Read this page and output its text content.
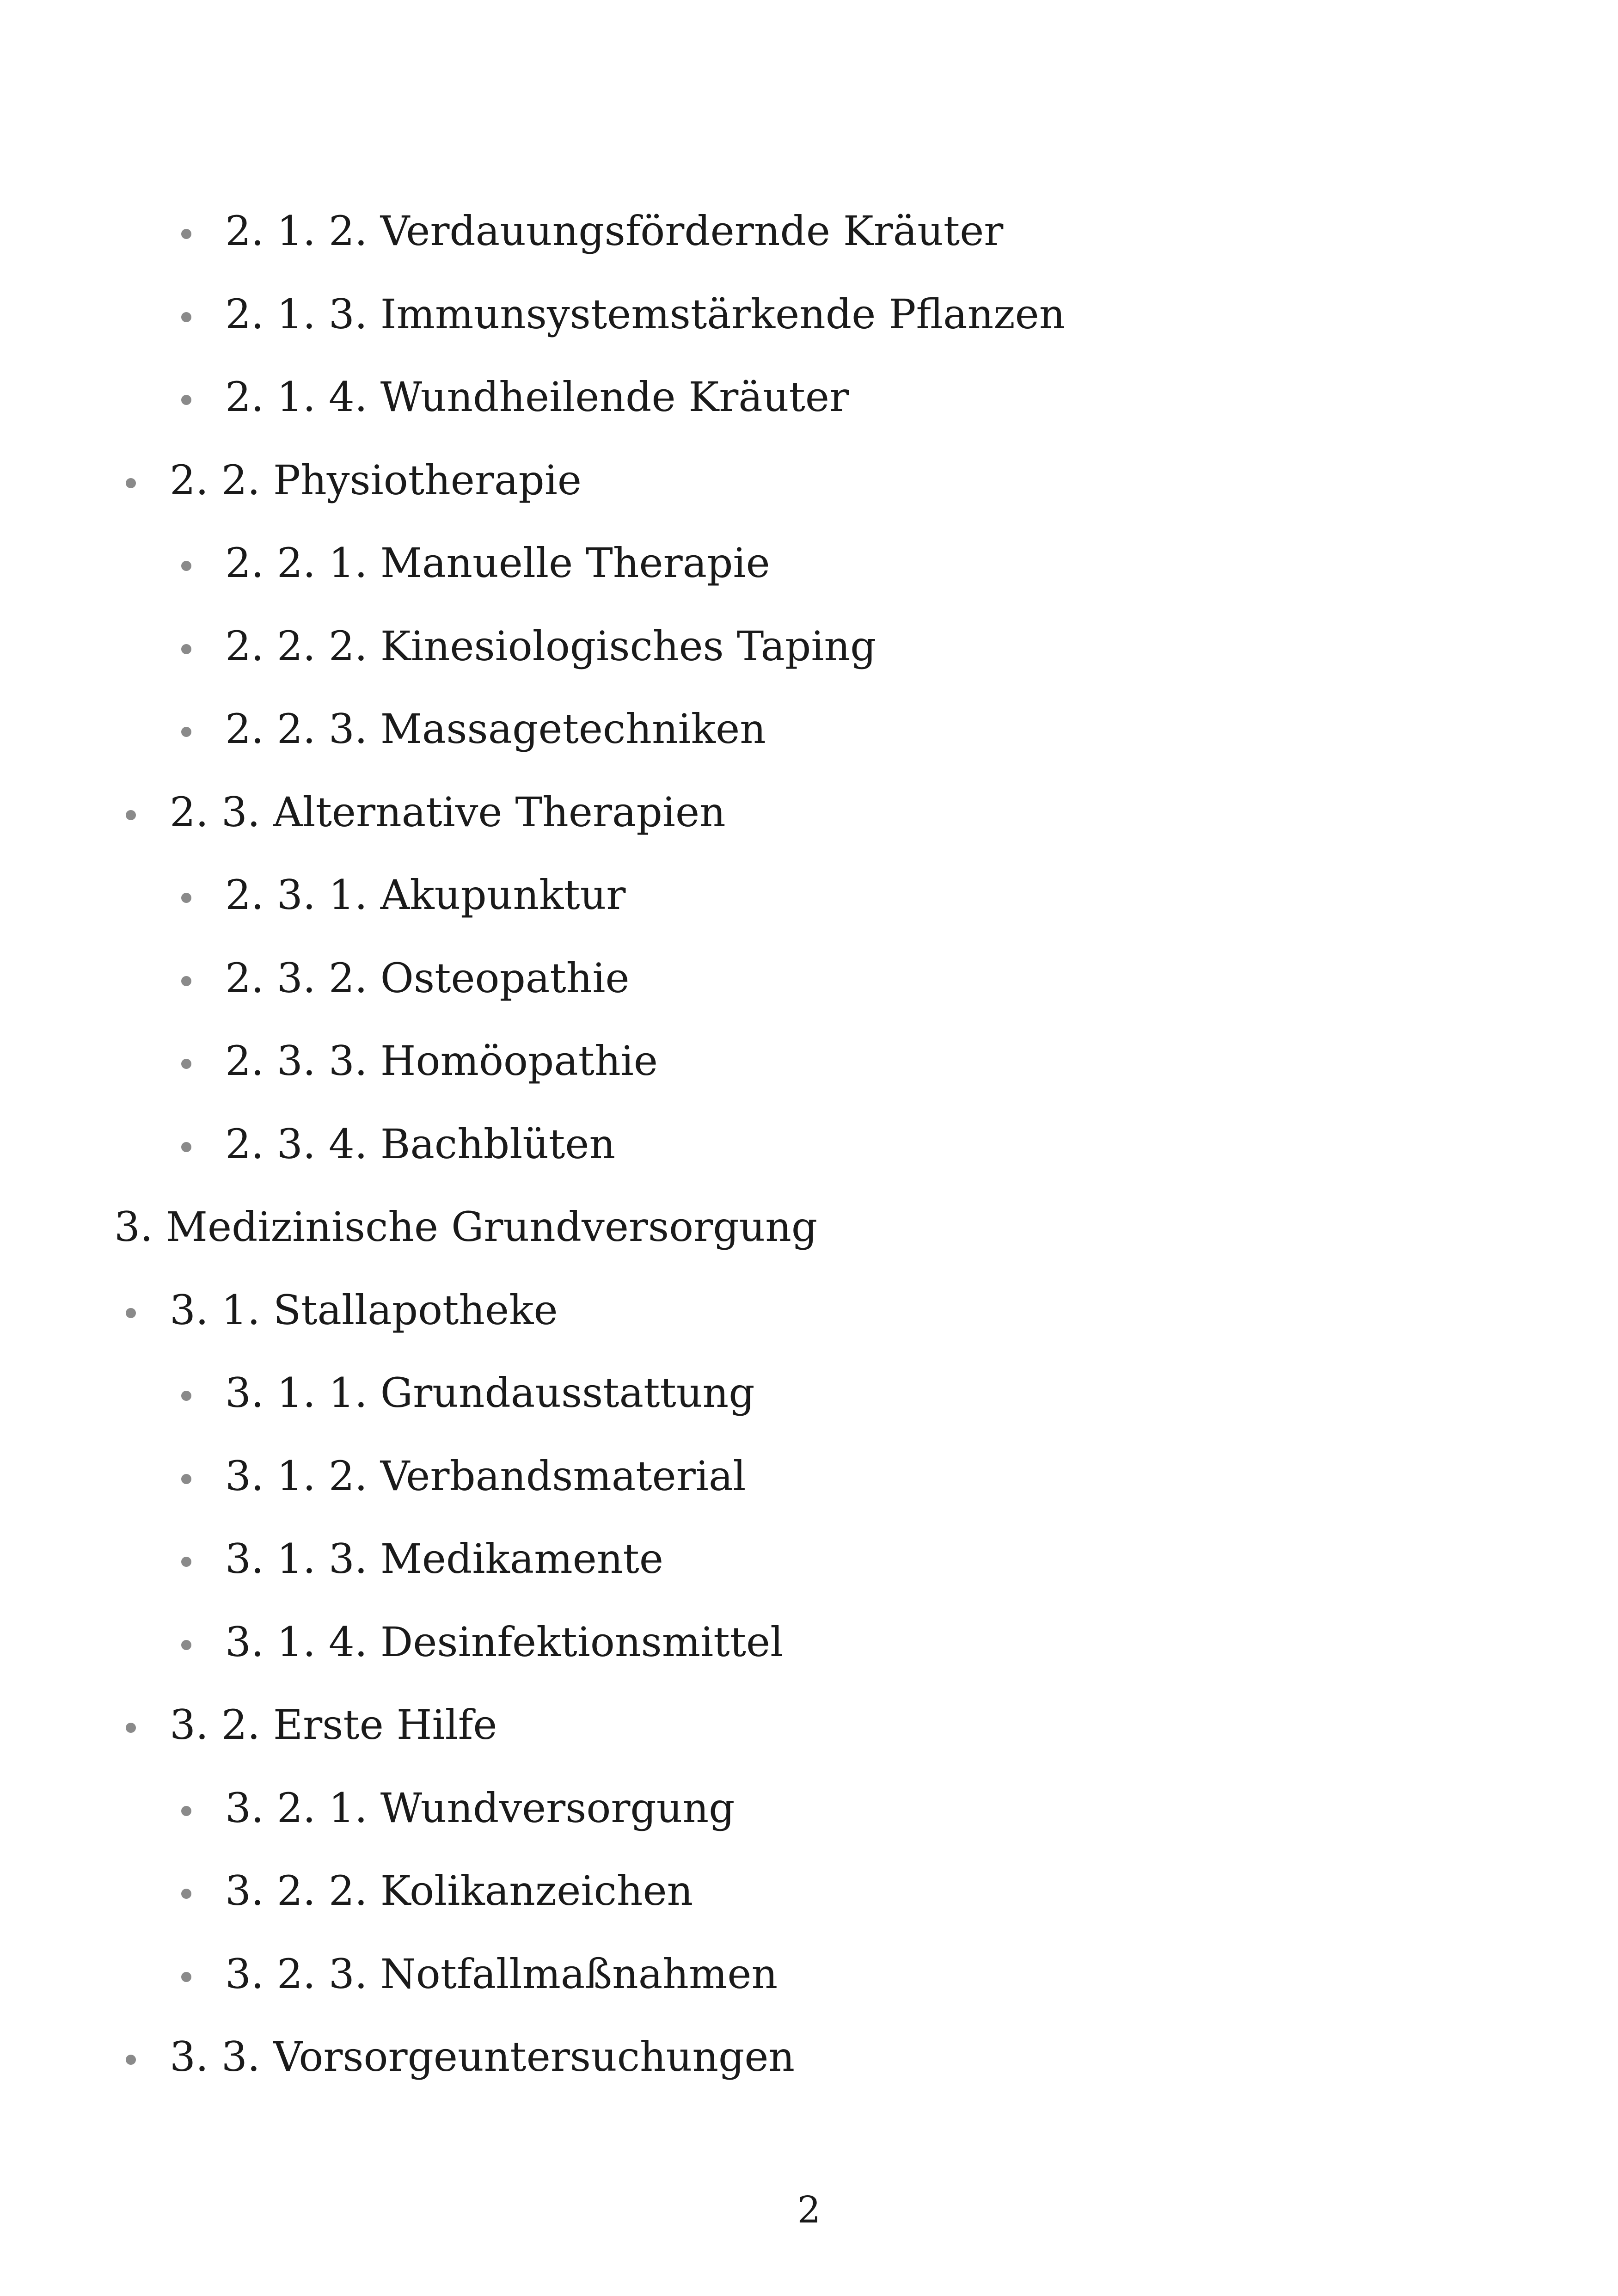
2. 1. 2. Verdauungsfördernde Kräuter
2. 1. 3. Immunsystemstärkende Pflanzen
2. 1. 4. Wundheilende Kräuter
2. 2. Physiotherapie
2. 2. 1. Manuelle Therapie
2. 2. 2. Kinesiologisches Taping
2. 2. 3. Massagetechniken
2. 3. Alternative Therapien
2. 3. 1. Akupunktur
2. 3. 2. Osteopathie
2. 3. 3. Homöopathie
2. 3. 4. Bachblüten
3. Medizinische Grundversorgung
3. 1. Stallapotheke
3. 1. 1. Grundausstattung
3. 1. 2. Verbandsmaterial
3. 1. 3. Medikamente
3. 1. 4. Desinfektionsmittel
3. 2. Erste Hilfe
3. 2. 1. Wundversorgung
3. 2. 2. Kolikanzeichen
3. 2. 3. Notfallmaßnahmen
3. 3. Vorsorgeuntersuchungen
2
